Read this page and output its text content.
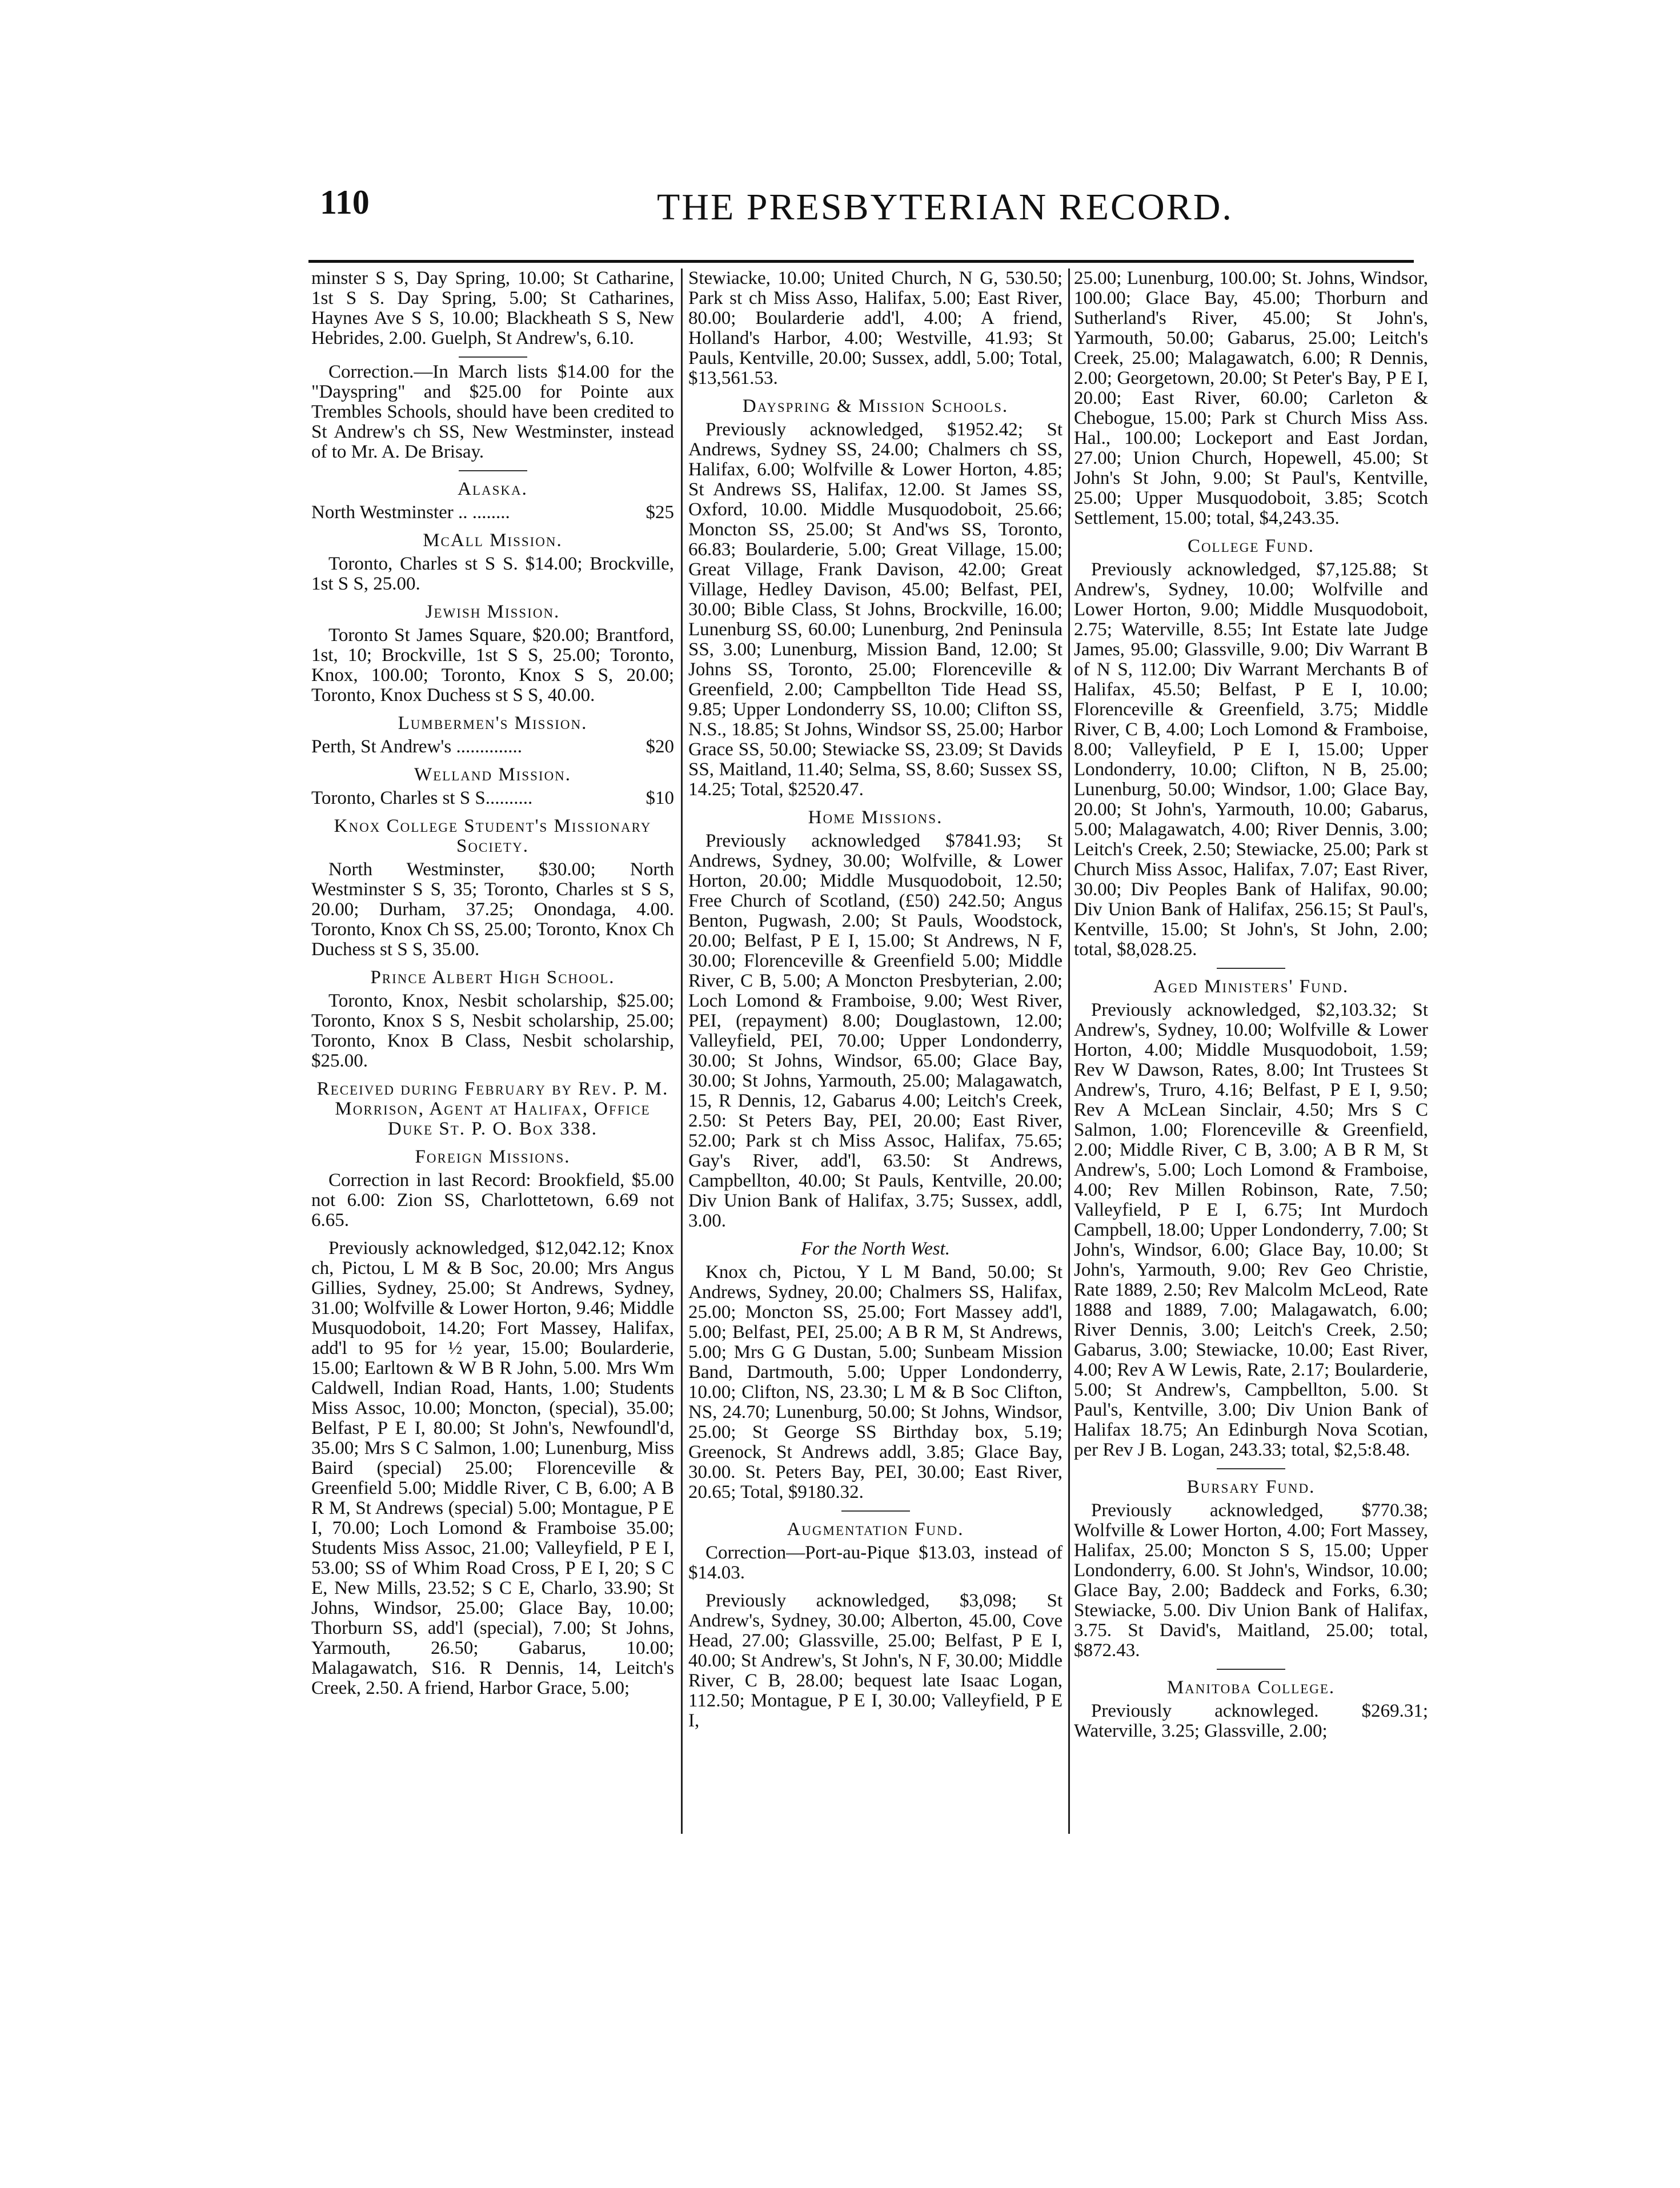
110	THE PRESBYTERIAN RECORD.
minster S S, Day Spring, 10.00; St Catharine, 1st S S. Day Spring, 5.00; St Catharines, Haynes Ave S S, 10.00; Blackheath S S, New Hebrides, 2.00. Guelph, St Andrew's, 6.10.
Correction.—In March lists $14.00 for the "Dayspring" and $25.00 for Pointe aux Trembles Schools, should have been credited to St Andrew's ch SS, New Westminster, instead of to Mr. A. De Brisay.
Alaska.
North Westminster .. ........	$25
McAll Mission.
Toronto, Charles st S S. $14.00; Brockville, 1st S S, 25.00.
Jewish Mission.
Toronto St James Square, $20.00; Brantford, 1st, 10; Brockville, 1st S S, 25.00; Toronto, Knox, 100.00; Toronto, Knox S S, 20.00; Toronto, Knox Duchess st S S, 40.00.
Lumbermen's Mission.
Perth, St Andrew's ..............	$20
Welland Mission.
Toronto, Charles st S S..........	$10
Knox College Student's Missionary Society.
North Westminster, $30.00; North Westminster S S, 35; Toronto, Charles st S S, 20.00; Durham, 37.25; Onondaga, 4.00. Toronto, Knox Ch SS, 25.00; Toronto, Knox Ch Duchess st S S, 35.00.
Prince Albert High School.
Toronto, Knox, Nesbit scholarship, $25.00; Toronto, Knox S S, Nesbit scholarship, 25.00; Toronto, Knox B Class, Nesbit scholarship, $25.00.
Received during February by Rev. P. M. Morrison, Agent at Halifax, Office Duke St. P. O. Box 338.
Foreign Missions.
Correction in last Record: Brookfield, $5.00 not 6.00: Zion SS, Charlottetown, 6.69 not 6.65.
Previously acknowledged, $12,042.12; Knox ch, Pictou, L M & B Soc, 20.00; Mrs Angus Gillies, Sydney, 25.00; St Andrews, Sydney, 31.00; Wolfville & Lower Horton, 9.46; Middle Musquodoboit, 14.20; Fort Massey, Halifax, add'l to 95 for ½ year, 15.00; Boularderie, 15.00; Earltown & W B R John, 5.00. Mrs Wm Caldwell, Indian Road, Hants, 1.00; Students Miss Assoc, 10.00; Moncton, (special), 35.00; Belfast, P E I, 80.00; St John's, Newfoundl'd, 35.00; Mrs S C Salmon, 1.00; Lunenburg, Miss Baird (special) 25.00; Florenceville & Greenfield 5.00; Middle River, C B, 6.00; A B R M, St Andrews (special) 5.00; Montague, P E I, 70.00; Loch Lomond & Framboise 35.00; Students Miss Assoc, 21.00; Valleyfield, P E I, 53.00; SS of Whim Road Cross, P E I, 20; S C E, New Mills, 23.52; S C E, Charlo, 33.90; St Johns, Windsor, 25.00; Glace Bay, 10.00; Thorburn SS, add'l (special), 7.00; St Johns, Yarmouth, 26.50; Gabarus, 10.00; Malagawatch, S16. R Dennis, 14, Leitch's Creek, 2.50. A friend, Harbor Grace, 5.00;
Stewiacke, 10.00; United Church, N G, 530.50; Park st ch Miss Asso, Halifax, 5.00; East River, 80.00; Boularderie add'l, 4.00; A friend, Holland's Harbor, 4.00; Westville, 41.93; St Pauls, Kentville, 20.00; Sussex, addl, 5.00; Total, $13,561.53.
Dayspring & Mission Schools.
Previously acknowledged, $1952.42; St Andrews, Sydney SS, 24.00; Chalmers ch SS, Halifax, 6.00; Wolfville & Lower Horton, 4.85; St Andrews SS, Halifax, 12.00. St James SS, Oxford, 10.00. Middle Musquodoboit, 25.66; Moncton SS, 25.00; St And'ws SS, Toronto, 66.83; Boularderie, 5.00; Great Village, 15.00; Great Village, Frank Davison, 42.00; Great Village, Hedley Davison, 45.00; Belfast, PEI, 30.00; Bible Class, St Johns, Brockville, 16.00; Lunenburg SS, 60.00; Lunenburg, 2nd Peninsula SS, 3.00; Lunenburg, Mission Band, 12.00; St Johns SS, Toronto, 25.00; Florenceville & Greenfield, 2.00; Campbellton Tide Head SS, 9.85; Upper Londonderry SS, 10.00; Clifton SS, N.S., 18.85; St Johns, Windsor SS, 25.00; Harbor Grace SS, 50.00; Stewiacke SS, 23.09; St Davids SS, Maitland, 11.40; Selma, SS, 8.60; Sussex SS, 14.25; Total, $2520.47.
Home Missions.
Previously acknowledged $7841.93; St Andrews, Sydney, 30.00; Wolfville, & Lower Horton, 20.00; Middle Musquodoboit, 12.50; Free Church of Scotland, (£50) 242.50; Angus Benton, Pugwash, 2.00; St Pauls, Woodstock, 20.00; Belfast, P E I, 15.00; St Andrews, N F, 30.00; Florenceville & Greenfield 5.00; Middle River, C B, 5.00; A Moncton Presbyterian, 2.00; Loch Lomond & Framboise, 9.00; West River, PEI, (repayment) 8.00; Douglastown, 12.00; Valleyfield, PEI, 70.00; Upper Londonderry, 30.00; St Johns, Windsor, 65.00; Glace Bay, 30.00; St Johns, Yarmouth, 25.00; Malagawatch, 15, R Dennis, 12, Gabarus 4.00; Leitch's Creek, 2.50: St Peters Bay, PEI, 20.00; East River, 52.00; Park st ch Miss Assoc, Halifax, 75.65; Gay's River, add'l, 63.50: St Andrews, Campbellton, 40.00; St Pauls, Kentville, 20.00; Div Union Bank of Halifax, 3.75; Sussex, addl, 3.00.
For the North West.
Knox ch, Pictou, Y L M Band, 50.00; St Andrews, Sydney, 20.00; Chalmers SS, Halifax, 25.00; Moncton SS, 25.00; Fort Massey add'l, 5.00; Belfast, PEI, 25.00; A B R M, St Andrews, 5.00; Mrs G G Dustan, 5.00; Sunbeam Mission Band, Dartmouth, 5.00; Upper Londonderry, 10.00; Clifton, NS, 23.30; L M & B Soc Clifton, NS, 24.70; Lunenburg, 50.00; St Johns, Windsor, 25.00; St George SS Birthday box, 5.19; Greenock, St Andrews addl, 3.85; Glace Bay, 30.00. St. Peters Bay, PEI, 30.00; East River, 20.65; Total, $9180.32.
Augmentation Fund.
Correction—Port-au-Pique $13.03, instead of $14.03.
Previously acknowledged, $3,098; St Andrew's, Sydney, 30.00; Alberton, 45.00, Cove Head, 27.00; Glassville, 25.00; Belfast, P E I, 40.00; St Andrew's, St John's, N F, 30.00; Middle River, C B, 28.00; bequest late Isaac Logan, 112.50; Montague, P E I, 30.00; Valleyfield, P E I,
25.00; Lunenburg, 100.00; St. Johns, Windsor, 100.00; Glace Bay, 45.00; Thorburn and Sutherland's River, 45.00; St John's, Yarmouth, 50.00; Gabarus, 25.00; Leitch's Creek, 25.00; Malagawatch, 6.00; R Dennis, 2.00; Georgetown, 20.00; St Peter's Bay, P E I, 20.00; East River, 60.00; Carleton & Chebogue, 15.00; Park st Church Miss Ass. Hal., 100.00; Lockeport and East Jordan, 27.00; Union Church, Hopewell, 45.00; St John's St John, 9.00; St Paul's, Kentville, 25.00; Upper Musquodoboit, 3.85; Scotch Settlement, 15.00; total, $4,243.35.
College Fund.
Previously acknowledged, $7,125.88; St Andrew's, Sydney, 10.00; Wolfville and Lower Horton, 9.00; Middle Musquodoboit, 2.75; Waterville, 8.55; Int Estate late Judge James, 95.00; Glassville, 9.00; Div Warrant B of N S, 112.00; Div Warrant Merchants B of Halifax, 45.50; Belfast, P E I, 10.00; Florenceville & Greenfield, 3.75; Middle River, C B, 4.00; Loch Lomond & Framboise, 8.00; Valleyfield, P E I, 15.00; Upper Londonderry, 10.00; Clifton, N B, 25.00; Lunenburg, 50.00; Windsor, 1.00; Glace Bay, 20.00; St John's, Yarmouth, 10.00; Gabarus, 5.00; Malagawatch, 4.00; River Dennis, 3.00; Leitch's Creek, 2.50; Stewiacke, 25.00; Park st Church Miss Assoc, Halifax, 7.07; East River, 30.00; Div Peoples Bank of Halifax, 90.00; Div Union Bank of Halifax, 256.15; St Paul's, Kentville, 15.00; St John's, St John, 2.00; total, $8,028.25.
Aged Ministers' Fund.
Previously acknowledged, $2,103.32; St Andrew's, Sydney, 10.00; Wolfville & Lower Horton, 4.00; Middle Musquodoboit, 1.59; Rev W Dawson, Rates, 8.00; Int Trustees St Andrew's, Truro, 4.16; Belfast, P E I, 9.50; Rev A McLean Sinclair, 4.50; Mrs S C Salmon, 1.00; Florenceville & Greenfield, 2.00; Middle River, C B, 3.00; A B R M, St Andrew's, 5.00; Loch Lomond & Framboise, 4.00; Rev Millen Robinson, Rate, 7.50; Valleyfield, P E I, 6.75; Int Murdoch Campbell, 18.00; Upper Londonderry, 7.00; St John's, Windsor, 6.00; Glace Bay, 10.00; St John's, Yarmouth, 9.00; Rev Geo Christie, Rate 1889, 2.50; Rev Malcolm McLeod, Rate 1888 and 1889, 7.00; Malagawatch, 6.00; River Dennis, 3.00; Leitch's Creek, 2.50; Gabarus, 3.00; Stewiacke, 10.00; East River, 4.00; Rev A W Lewis, Rate, 2.17; Boularderie, 5.00; St Andrew's, Campbellton, 5.00. St Paul's, Kentville, 3.00; Div Union Bank of Halifax 18.75; An Edinburgh Nova Scotian, per Rev J B. Logan, 243.33; total, $2,5:8.48.
Bursary Fund.
Previously acknowledged, $770.38; Wolfville & Lower Horton, 4.00; Fort Massey, Halifax, 25.00; Moncton S S, 15.00; Upper Londonderry, 6.00. St John's, Windsor, 10.00; Glace Bay, 2.00; Baddeck and Forks, 6.30; Stewiacke, 5.00. Div Union Bank of Halifax, 3.75. St David's, Maitland, 25.00; total, $872.43.
Manitoba College.
Previously acknowleged. $269.31; Waterville, 3.25; Glassville, 2.00;
